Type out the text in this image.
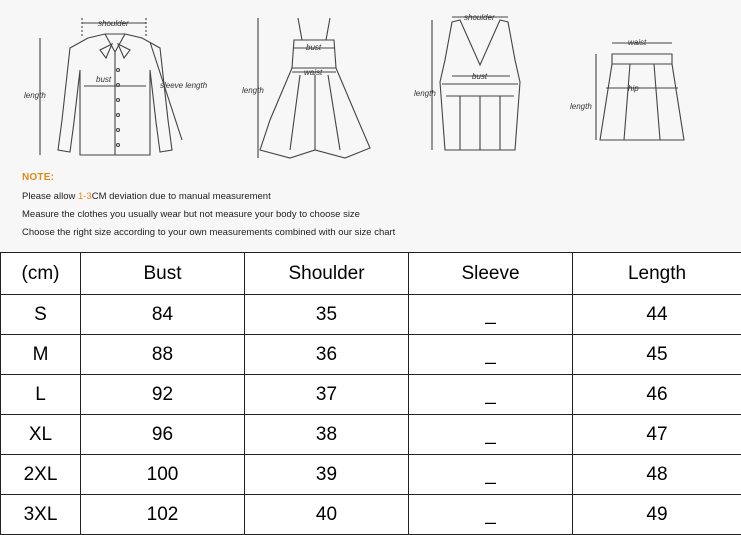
shoulder
bust
sleeve length
length
bust
waist
length
shoulder
bust
length
waist
hip
length
NOTE:
Please allow 1-3CM deviation due to manual measurement
Measure the clothes you usually wear but not measure your body to choose size
Choose the right size according to your own measurements combined with our size chart
(cm)	Bust	Shoulder	Sleeve	Length
S	84	35	_	44
M	88	36	_	45
L	92	37	_	46
XL	96	38	_	47
2XL	100	39	_	48
3XL	102	40	_	49
